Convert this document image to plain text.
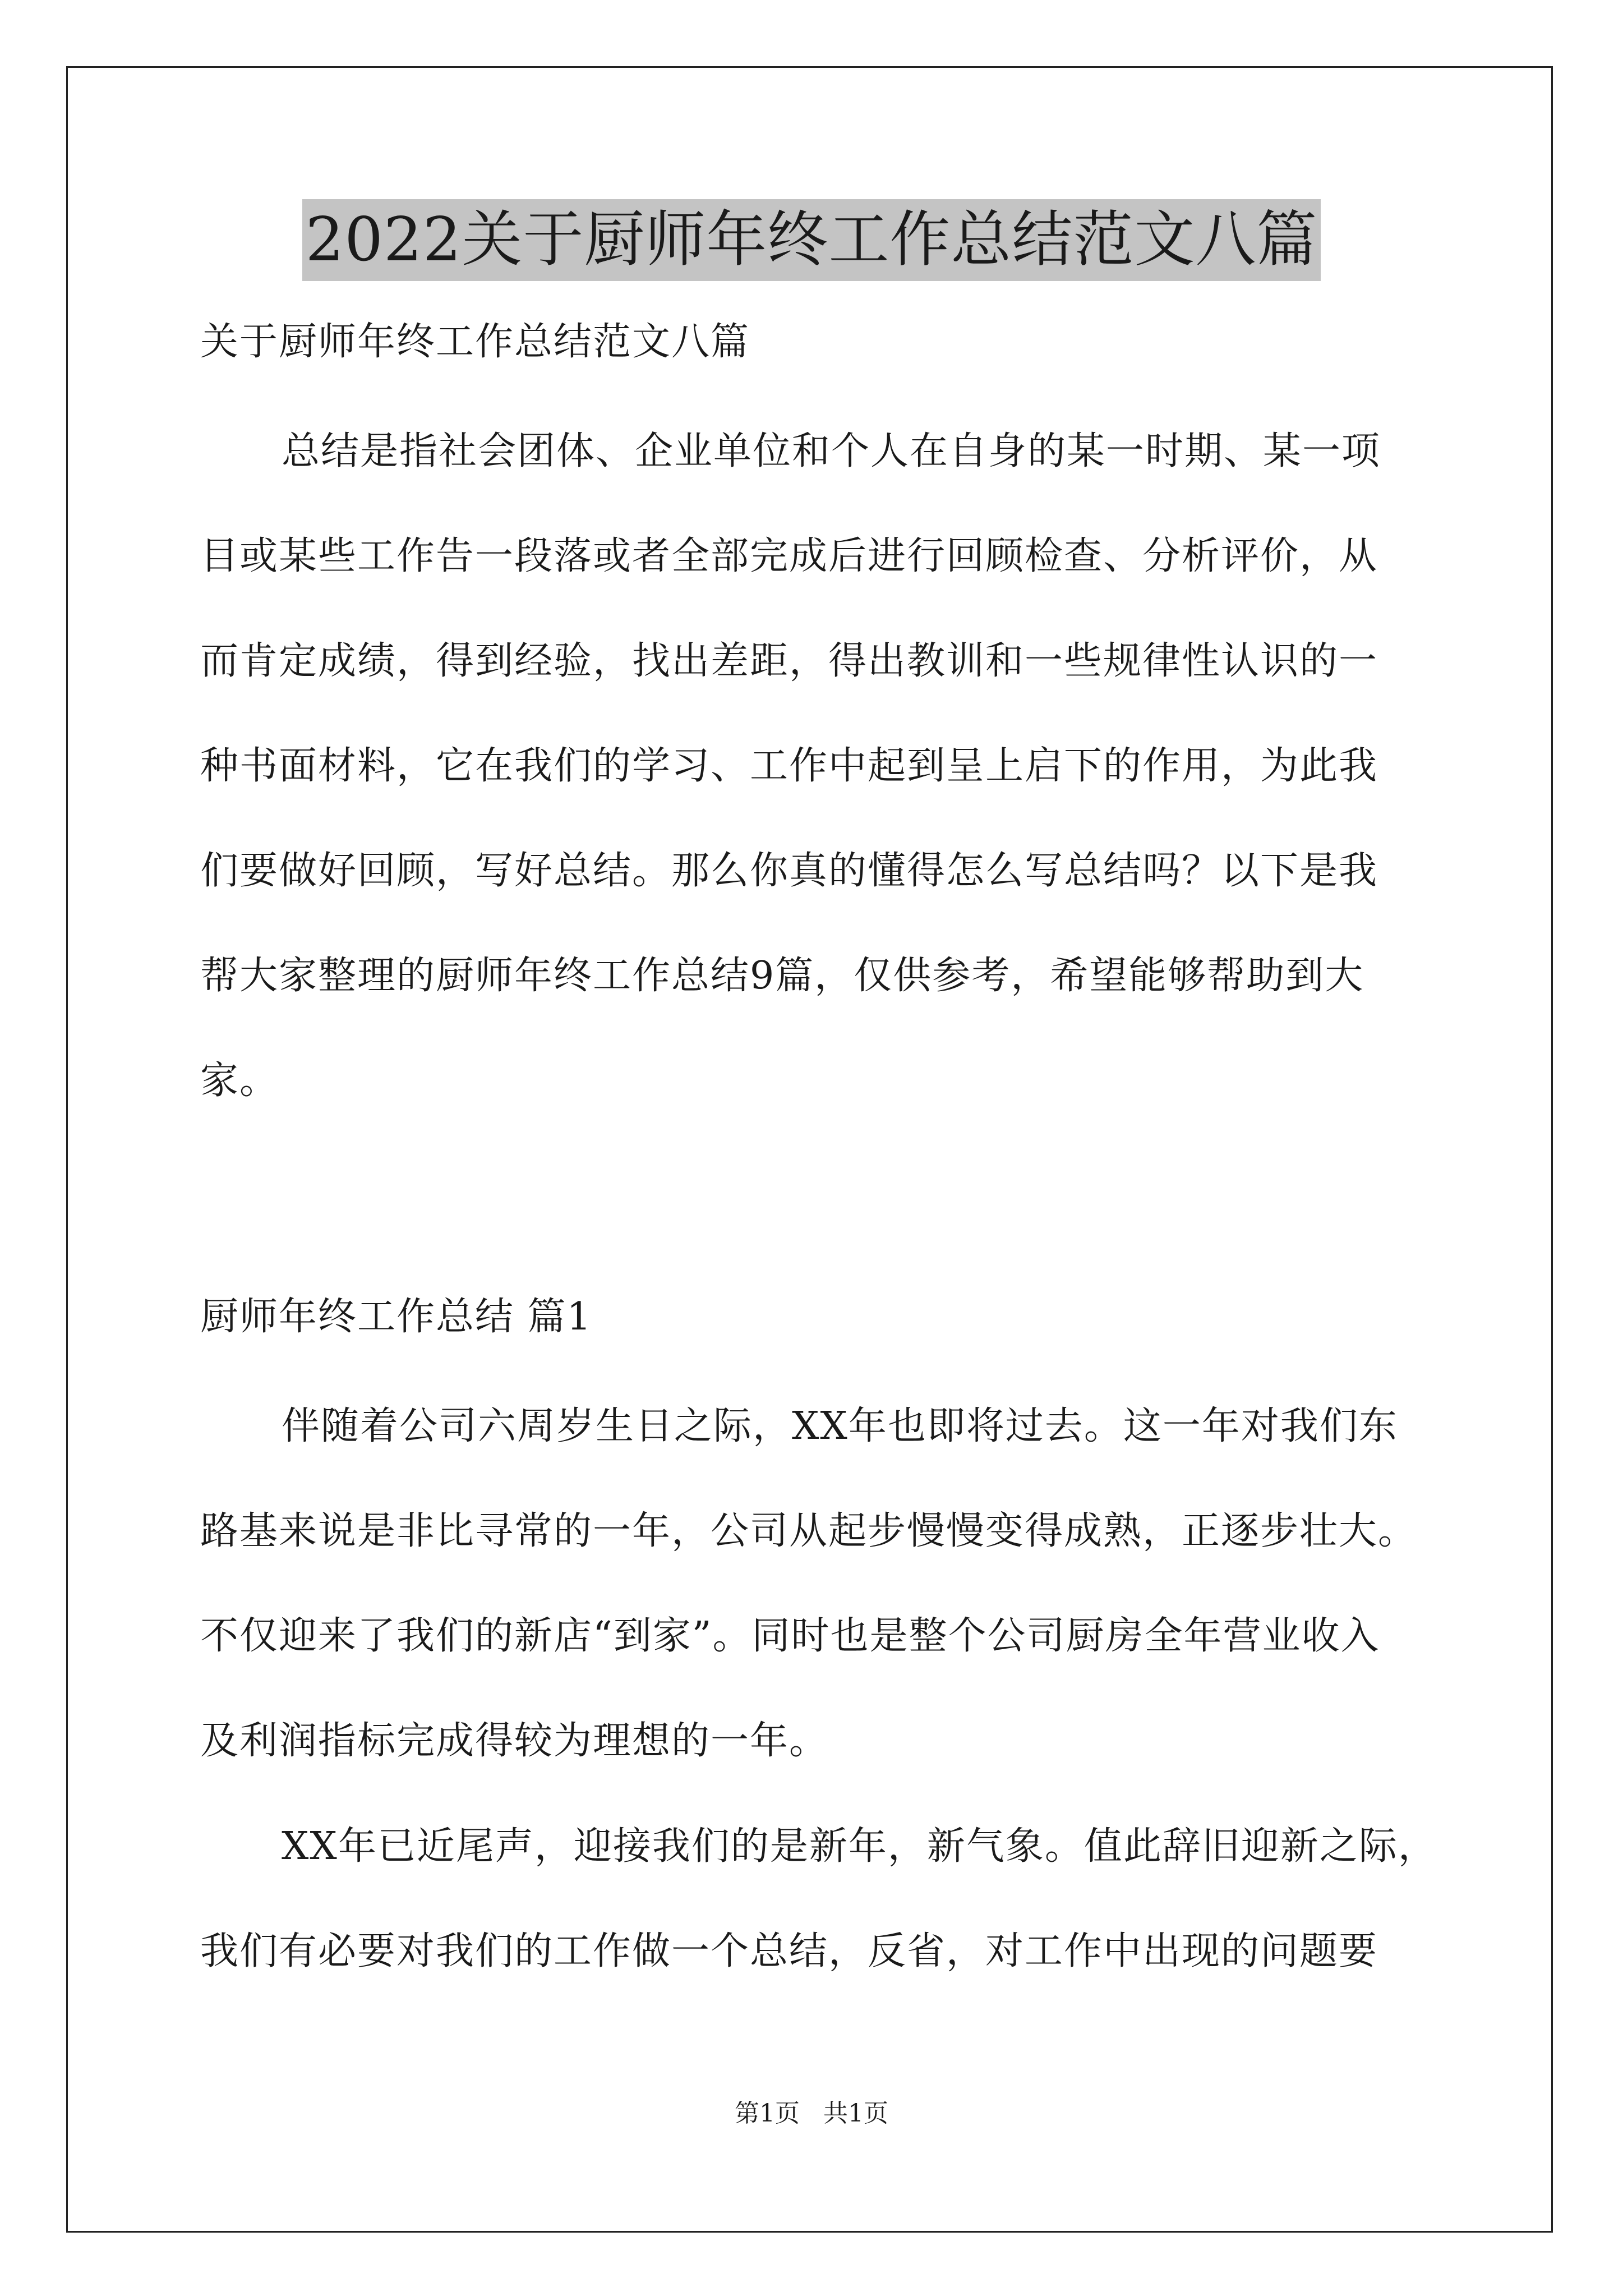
2022关于厨师年终工作总结范文八篇
关于厨师年终工作总结范文八篇
总结是指社会团体、企业单位和个人在自身的某一时期、某一项
目或某些工作告一段落或者全部完成后进行回顾检查、分析评价，从
而肯定成绩，得到经验，找出差距，得出教训和一些规律性认识的一
种书面材料，它在我们的学习、工作中起到呈上启下的作用，为此我
们要做好回顾，写好总结。那么你真的懂得怎么写总结吗？以下是我
帮大家整理的厨师年终工作总结9篇，仅供参考，希望能够帮助到大
家。
厨师年终工作总结 篇1
伴随着公司六周岁生日之际，XX年也即将过去。这一年对我们东
路基来说是非比寻常的一年，公司从起步慢慢变得成熟，正逐步壮大。
不仅迎来了我们的新店“到家”。同时也是整个公司厨房全年营业收入
及利润指标完成得较为理想的一年。
XX年已近尾声，迎接我们的是新年，新气象。值此辞旧迎新之际，
我们有必要对我们的工作做一个总结，反省，对工作中出现的问题要
第1页   共1页
